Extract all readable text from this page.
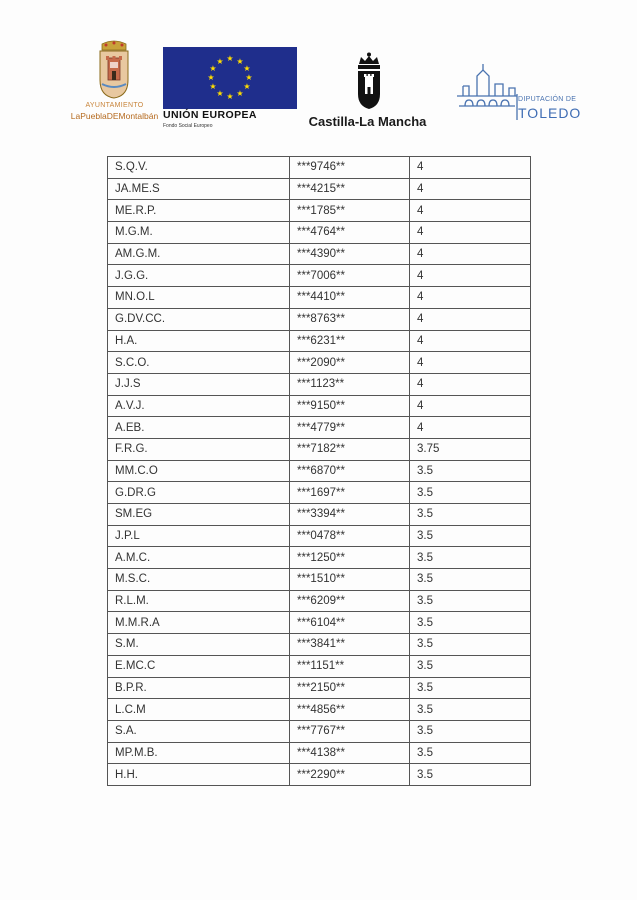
AYUNTAMIENTO
LaPueblaDEMontalbán
★ ★
★
★
★
★
★
★
★
★
★
★
UNIÓN EUROPEA
Fondo Social Europeo	Castilla-La Mancha
DIPUTACIÓN DE
TOLEDO
S.Q.V.	***9746**	4
JA.ME.S	***4215**	4
ME.R.P.	***1785**	4
M.G.M.	***4764**	4
AM.G.M.	***4390**	4
J.G.G.	***7006**	4
MN.O.L	***4410**	4
G.DV.CC.	***8763**	4
H.A.	***6231**	4
S.C.O.	***2090**	4
J.J.S	***1123**	4
A.V.J.	***9150**	4
A.EB.	***4779**	4
F.R.G.	***7182**	3.75
MM.C.O	***6870**	3.5
G.DR.G	***1697**	3.5
SM.EG	***3394**	3.5
J.P.L	***0478**	3.5
A.M.C.	***1250**	3.5
M.S.C.	***1510**	3.5
R.L.M.	***6209**	3.5
M.M.R.A	***6104**	3.5
S.M.	***3841**	3.5
E.MC.C	***1151**	3.5
B.P.R.	***2150**	3.5
L.C.M	***4856**	3.5
S.A.	***7767**	3.5
MP.M.B.	***4138**	3.5
H.H.	***2290**	3.5
